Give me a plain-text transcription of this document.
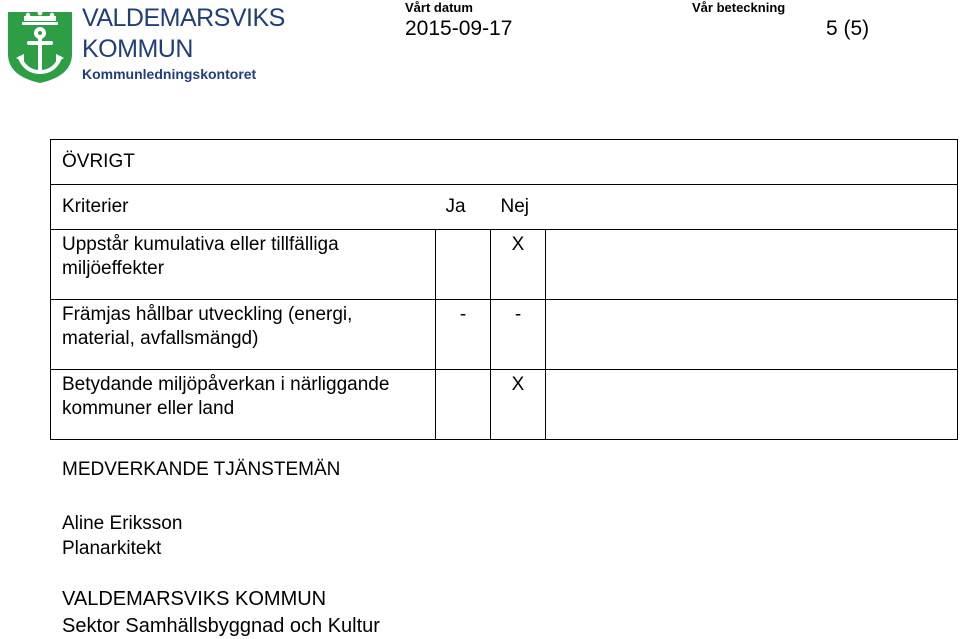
VALDEMARSVIKS
KOMMUN
Kommunledningskontoret
Vårt datum
2015-09-17
Vår beteckning
5 (5)
ÖVRIGT			
Kriterier	Ja	Nej	

Uppstår kumulativa eller tillfälliga
miljöeffekter		X	

Främjas hållbar utveckling (energi,
material, avfallsmängd)	-	-	

Betydande miljöpåverkan i närliggande
kommuner eller land		X	
MEDVERKANDE TJÄNSTEMÄN
Aline Eriksson
Planarkitekt
VALDEMARSVIKS KOMMUN
Sektor Samhällsbyggnad och Kultur
